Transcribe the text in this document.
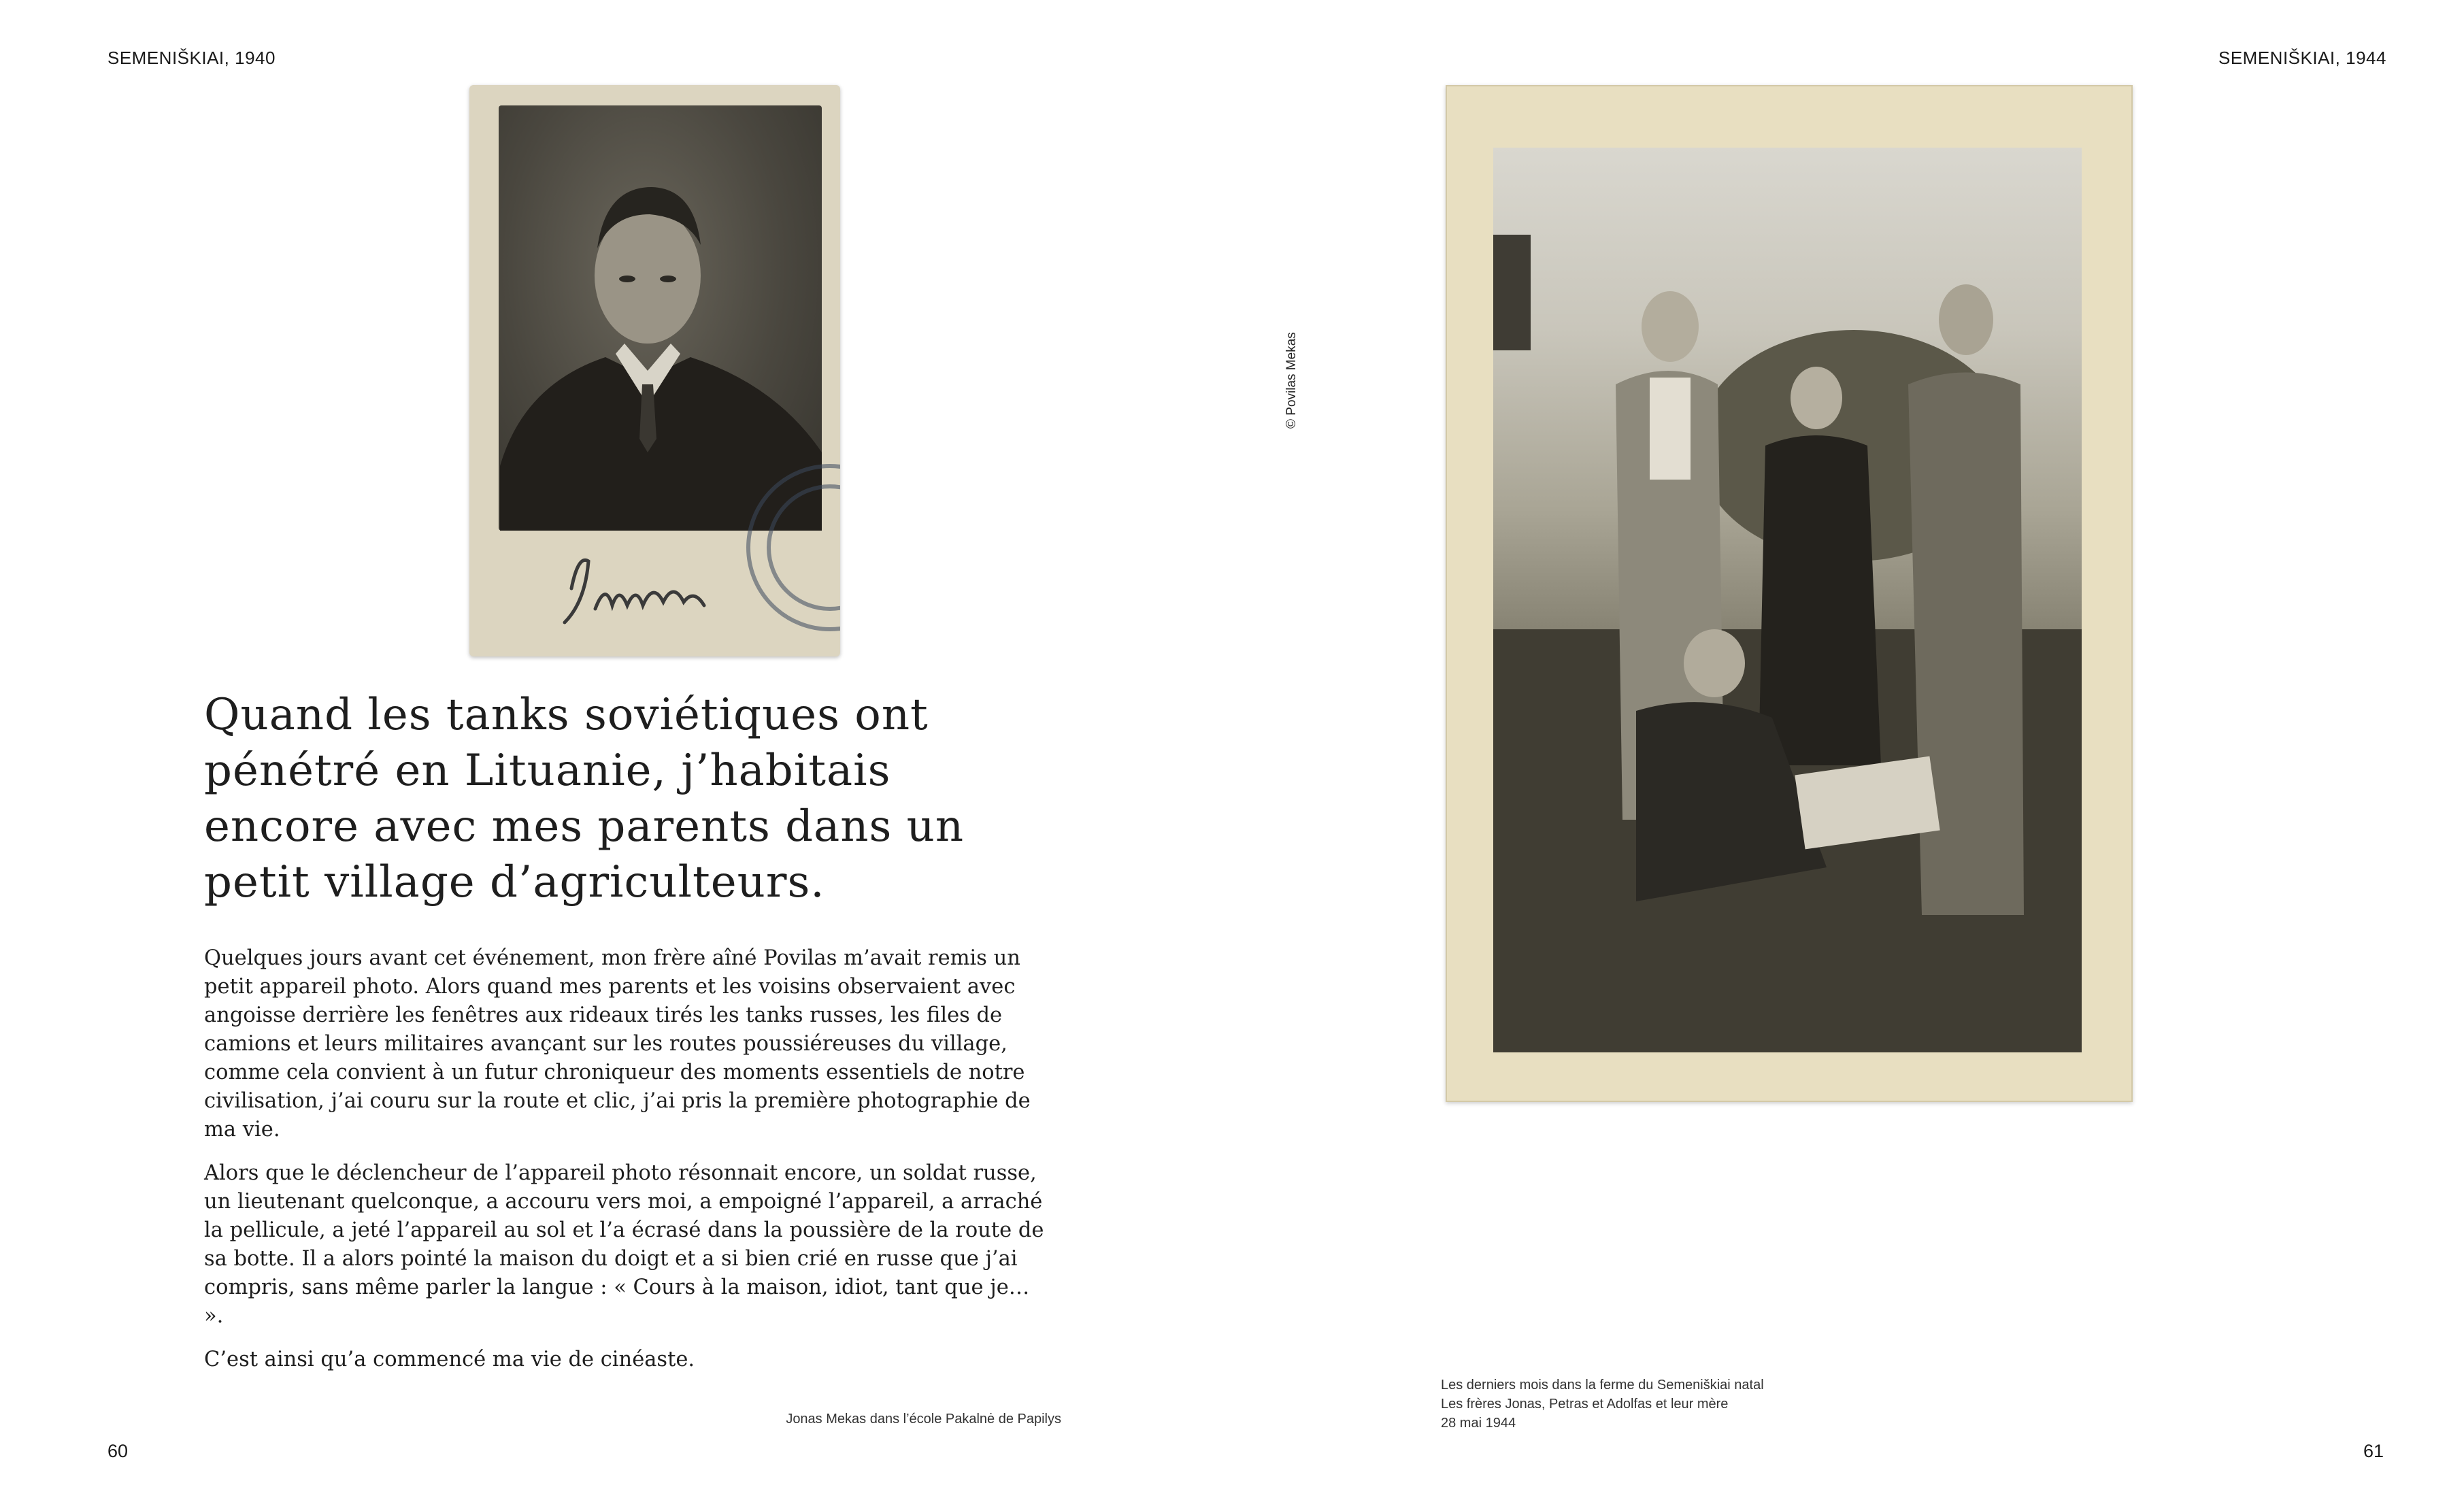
SEMENIŠKIAI, 1940
Quand les tanks soviétiques ont pénétré en Lituanie, j’habitais encore avec mes parents dans un petit village d’agriculteurs.

Quelques jours avant cet événement, mon frère aîné Povilas m’avait remis un petit appareil photo. Alors quand mes parents et les voisins observaient avec angoisse derrière les fenêtres aux rideaux tirés les tanks russes, les files de camions et leurs militaires avançant sur les routes poussiéreuses du village, comme cela convient à un futur chroniqueur des moments essentiels de notre civilisation, j’ai couru sur la route et clic, j’ai pris la première photographie de ma vie.

Alors que le déclencheur de l’appareil photo résonnait encore, un soldat russe, un lieutenant quelconque, a accouru vers moi, a empoigné l’appareil, a arraché la pellicule, a jeté l’appareil au sol et l’a écrasé dans la poussière de la route de sa botte. Il a alors pointé la maison du doigt et a si bien crié en russe que j’ai compris, sans même parler la langue : « Cours à la maison, idiot, tant que je… ».

C’est ainsi qu’a commencé ma vie de cinéaste.

Jonas Mekas dans l’école Pakalnė de Papilys
60
SEMENIŠKIAI, 1944
© Povilas Mekas
Les derniers mois dans la ferme du Semeniškiai natal
Les frères Jonas, Petras et Adolfas et leur mère
28 mai 1944
61
